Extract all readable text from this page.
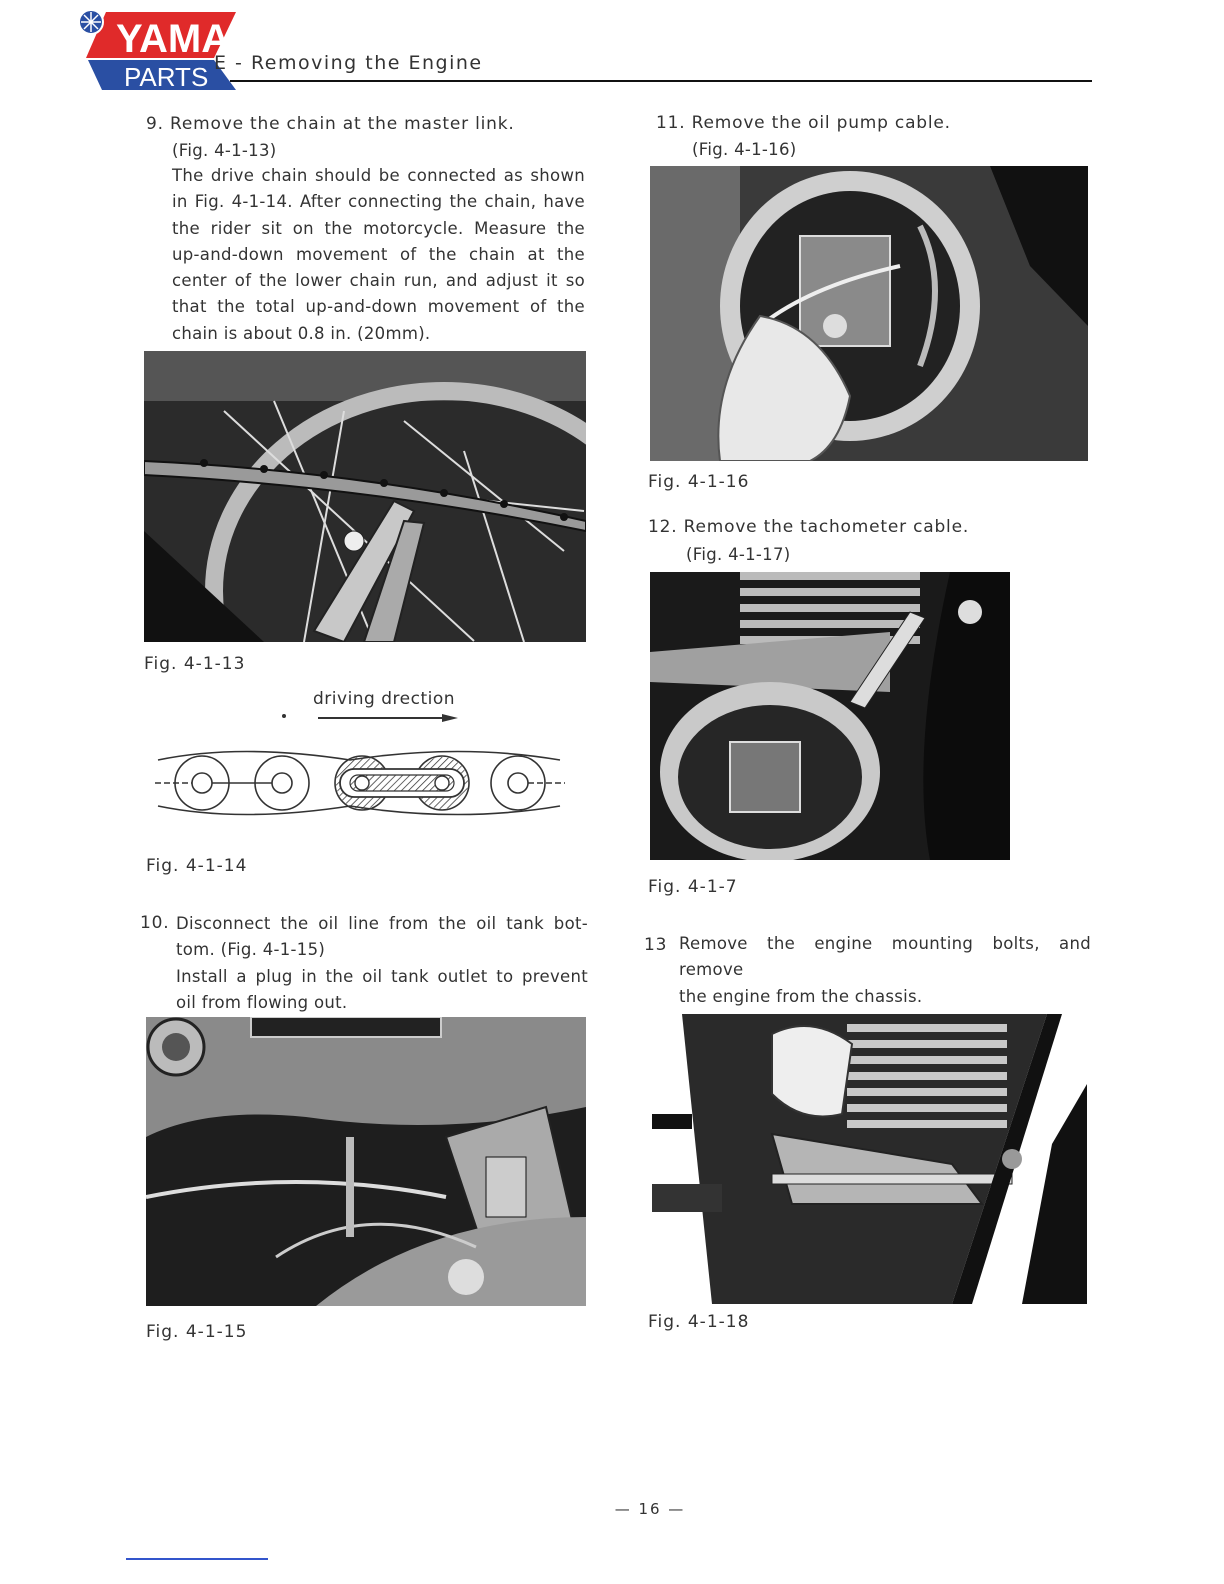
YAMA
PARTS E - Removing the Engine
9. Remove the chain at the master link.
(Fig. 4-1-13)
The drive chain should be connected as shown
in Fig. 4-1-14. After connecting the chain, have
the rider sit on the motorcycle. Measure the
up-and-down movement of the chain at the
center of the lower chain run, and adjust it so
that the total up-and-down movement of the
chain is about 0.8 in. (20mm).
Fig. 4-1-13
driving drection
Fig. 4-1-14
10. Disconnect the oil line from the oil tank bot-
tom. (Fig. 4-1-15)
Install a plug in the oil tank outlet to prevent
oil from flowing out.
Fig. 4-1-15
11. Remove the oil pump cable.
(Fig. 4-1-16)
Fig. 4-1-16
12. Remove the tachometer cable.
(Fig. 4-1-17)
Fig. 4-1-7
13 Remove the engine mounting bolts, and remove
the engine from the chassis.
Fig. 4-1-18
— 16 —
